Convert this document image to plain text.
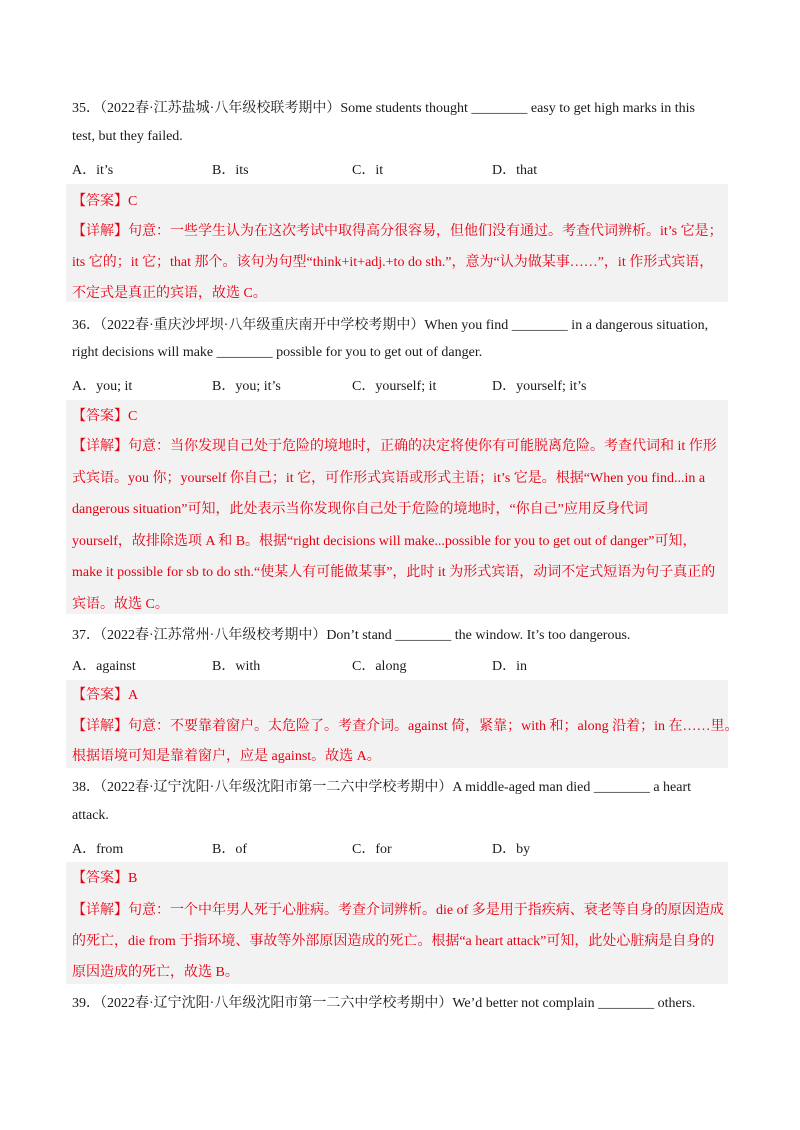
35．（2022春·江苏盐城·八年级校联考期中）Some students thought ________ easy to get high marks in this
test, but they failed.
A．it’s	B．its	C．it	D．that
【答案】C
【详解】句意：一些学生认为在这次考试中取得高分很容易，但他们没有通过。考查代词辨析。it’s 它是；
its 它的；it 它；that 那个。该句为句型“think+it+adj.+to do sth.”，意为“认为做某事……”，it 作形式宾语，
不定式是真正的宾语，故选 C。
36．（2022春·重庆沙坪坝·八年级重庆南开中学校考期中）When you find ________ in a dangerous situation,
right decisions will make ________ possible for you to get out of danger.
A．you; it	B．you; it’s	C．yourself; it	D．yourself; it’s
【答案】C
【详解】句意：当你发现自己处于危险的境地时，正确的决定将使你有可能脱离危险。考查代词和 it 作形
式宾语。you 你；yourself 你自己；it 它，可作形式宾语或形式主语；it’s 它是。根据“When you find...in a
dangerous situation”可知，此处表示当你发现你自己处于危险的境地时，“你自己”应用反身代词
yourself，故排除选项 A 和 B。根据“right decisions will make...possible for you to get out of danger”可知，
make it possible for sb to do sth.“使某人有可能做某事”，此时 it 为形式宾语，动词不定式短语为句子真正的
宾语。故选 C。
37．（2022春·江苏常州·八年级校考期中）Don’t stand ________ the window. It’s too dangerous.
A．against	B．with	C．along	D．in
【答案】A
【详解】句意：不要靠着窗户。太危险了。考查介词。against 倚，紧靠；with 和；along 沿着；in 在……里。
根据语境可知是靠着窗户，应是 against。故选 A。
38．（2022春·辽宁沈阳·八年级沈阳市第一二六中学校考期中）A middle-aged man died ________ a heart
attack.
A．from	B．of	C．for	D．by
【答案】B
【详解】句意：一个中年男人死于心脏病。考查介词辨析。die of 多是用于指疾病、衰老等自身的原因造成
的死亡，die from 于指环境、事故等外部原因造成的死亡。根据“a heart attack”可知，此处心脏病是自身的
原因造成的死亡，故选 B。
39．（2022春·辽宁沈阳·八年级沈阳市第一二六中学校考期中）We’d better not complain ________ others.
